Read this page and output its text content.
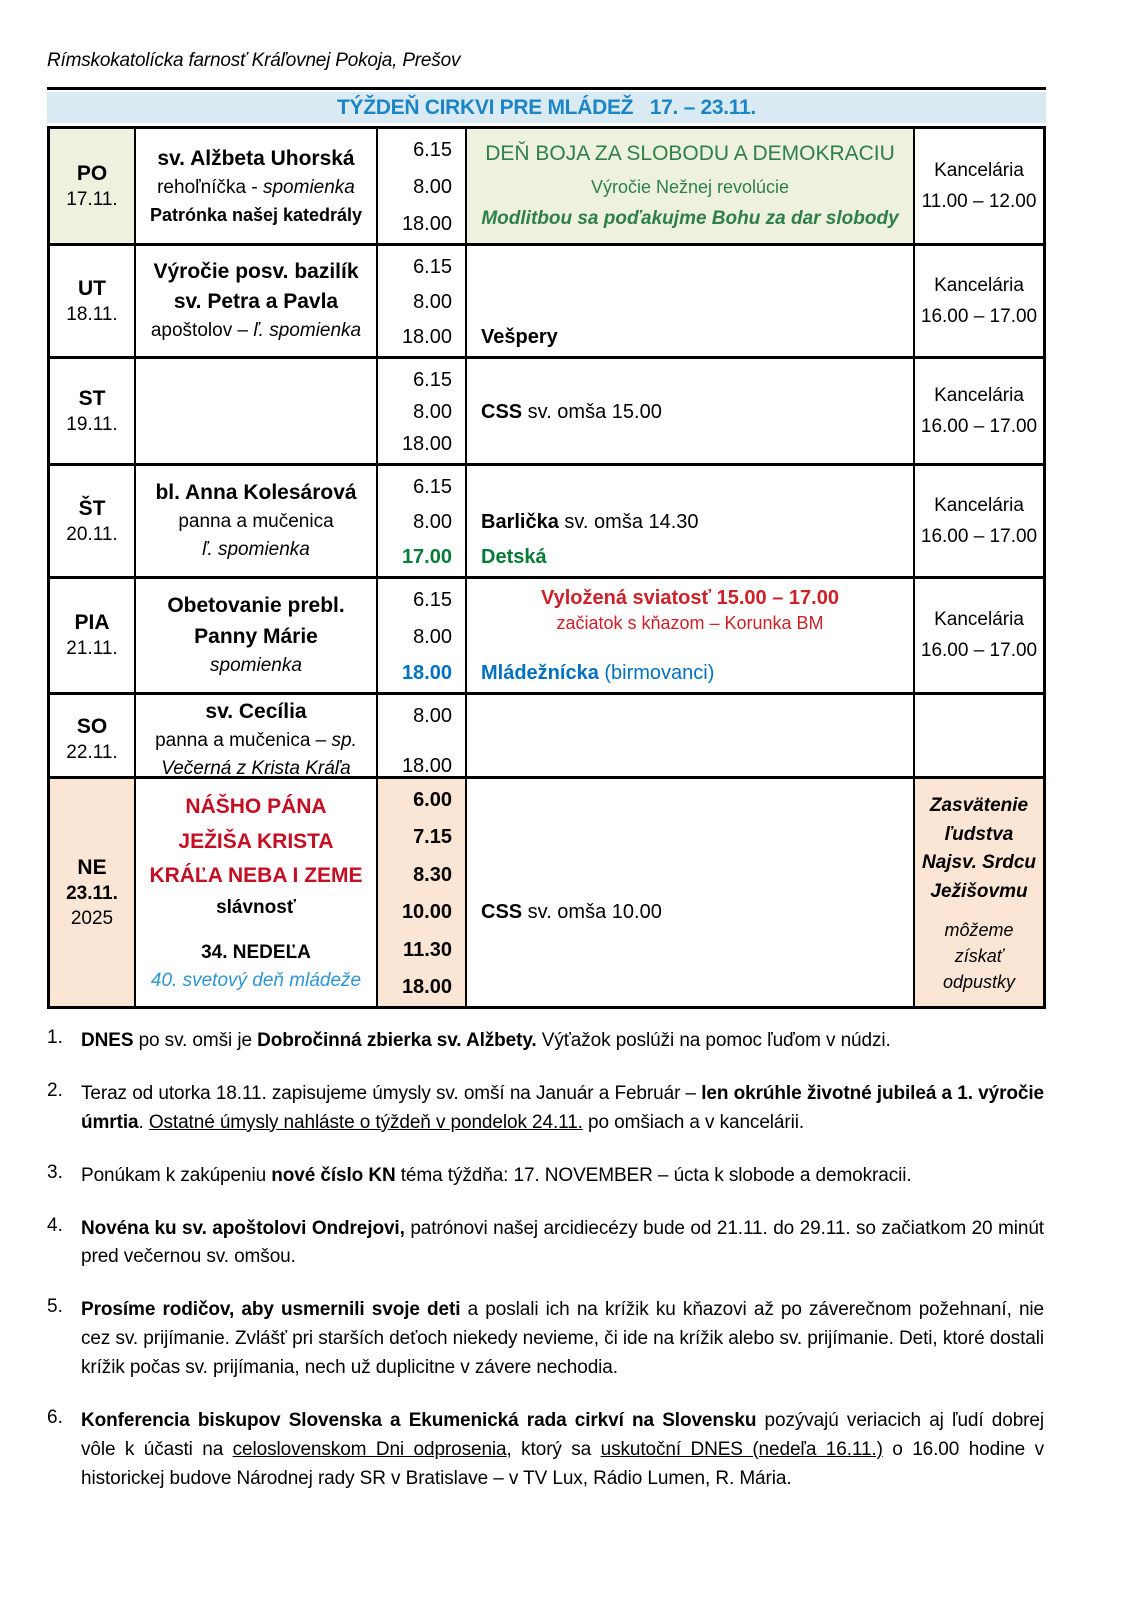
Rímskokatolícka farnosť Kráľovnej Pokoja, Prešov
TÝŽDEŇ CIRKVI PRE MLÁDEŽ   17. – 23.11.
PO
17.11.
sv. Alžbeta Uhorská
rehoľníčka - spomienka
Patrónka našej katedrály
6.15
8.00
18.00
DEŇ BOJA ZA SLOBODU A DEMOKRACIU
Výročie Nežnej revolúcie
Modlitbou sa poďakujme Bohu za dar slobody
Kancelária
11.00 – 12.00
UT
18.11.
Výročie posv. bazilík
sv. Petra a Pavla
apoštolov – ľ. spomienka
6.15
8.00
18.00 Vešpery
Kancelária
16.00 – 17.00
ST
19.11.
6.15
8.00
18.00
CSS sv. omša 15.00
Kancelária
16.00 – 17.00
ŠT
20.11.
bl. Anna Kolesárová
panna a mučenica
ľ. spomienka
6.15
8.00
17.00
Barlička sv. omša 14.30
Detská
Kancelária
16.00 – 17.00
PIA
21.11.
Obetovanie prebl.
Panny Márie
spomienka
6.15
8.00
18.00
Vyložená sviatosť 15.00 – 17.00
začiatok s kňazom – Korunka BM
Mládežnícka (birmovanci)
Kancelária
16.00 – 17.00
SO
22.11.
sv. Cecília
panna a mučenica – sp.
Večerná z Krista Kráľa
8.00
18.00
NE
23.11.
2025
NÁŠHO PÁNA
JEŽIŠA KRISTA
KRÁĽA NEBA I ZEME
slávnosť
34. NEDEĽA
40. svetový deň mládeže
6.00
7.15
8.30
10.00
11.30
18.00
CSS sv. omša 10.00
Zasvätenie
ľudstva
Najsv. Srdcu
Ježišovmu
môžeme získať
odpustky
1. DNES po sv. omši je Dobročinná zbierka sv. Alžbety. Výťažok poslúži na pomoc ľuďom v núdzi.
2. Teraz od utorka 18.11. zapisujeme úmysly sv. omší na Január a Február – len okrúhle životné jubileá a 1. výročie úmrtia. Ostatné úmysly nahláste o týždeň v pondelok 24.11. po omšiach a v kancelárii.
3. Ponúkam k zakúpeniu nové číslo KN téma týždňa: 17. NOVEMBER – úcta k slobode a demokracii.
4. Novéna ku sv. apoštolovi Ondrejovi, patrónovi našej arcidiecézy bude od 21.11. do 29.11. so začiatkom 20 minút pred večernou sv. omšou.
5. Prosíme rodičov, aby usmernili svoje deti a poslali ich na krížik ku kňazovi až po záverečnom požehnaní, nie cez sv. prijímanie. Zvlášť pri starších deťoch niekedy nevieme, či ide na krížik alebo sv. prijímanie. Deti, ktoré dostali krížik počas sv. prijímania, nech už duplicitne v závere nechodia.
6. Konferencia biskupov Slovenska a Ekumenická rada cirkví na Slovensku pozývajú veriacich aj ľudí dobrej vôle k účasti na celoslovenskom Dni odprosenia, ktorý sa uskutoční DNES (nedeľa 16.11.) o 16.00 hodine v historickej budove Národnej rady SR v Bratislave – v TV Lux, Rádio Lumen, R. Mária.
